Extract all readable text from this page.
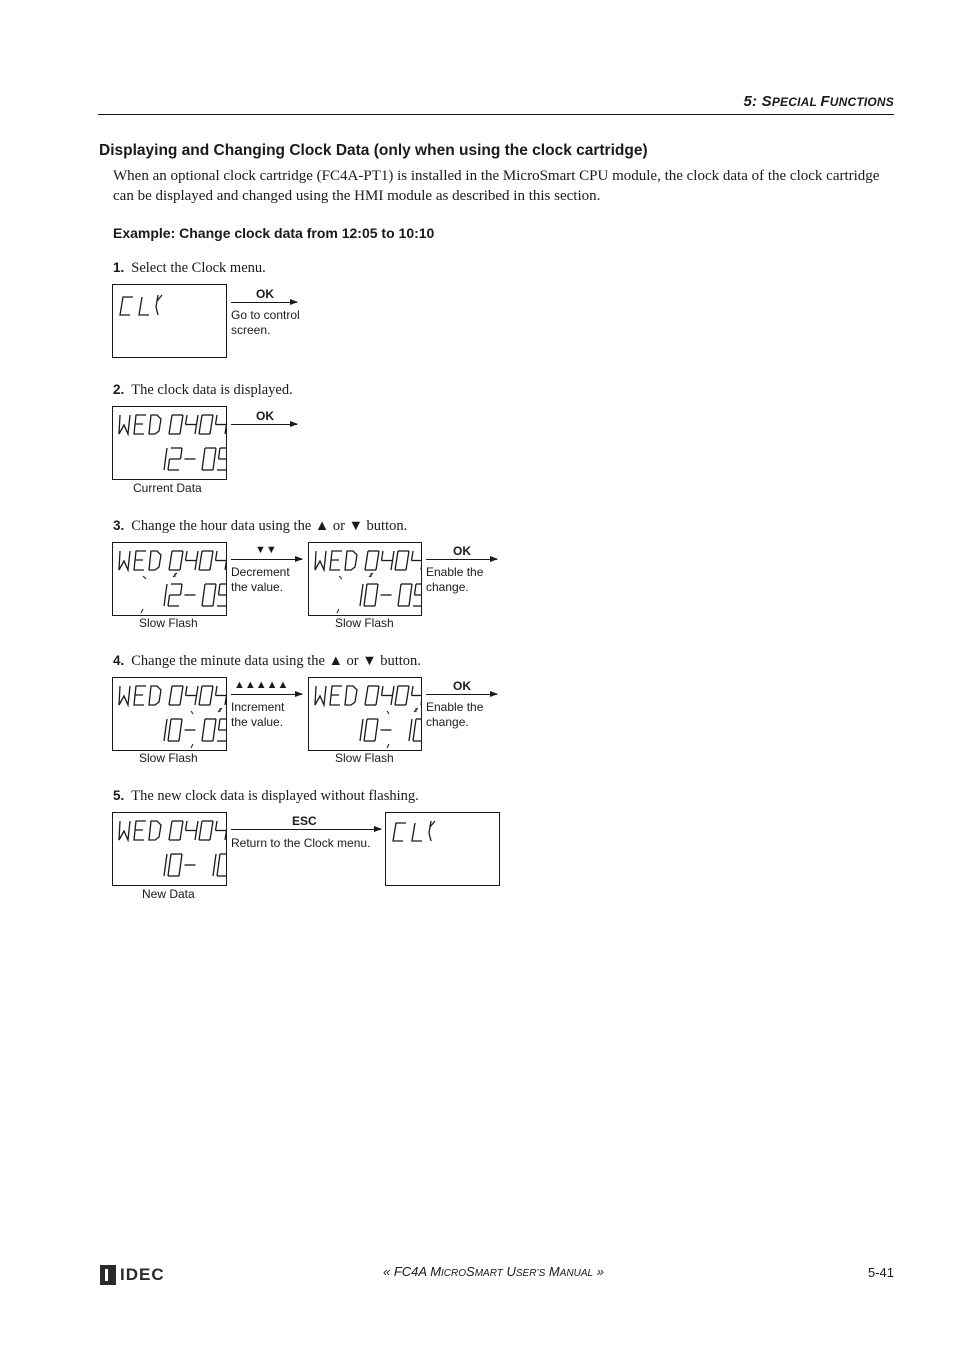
5: SPECIAL FUNCTIONS
Displaying and Changing Clock Data (only when using the clock cartridge)
When an optional clock cartridge (FC4A-PT1) is installed in the MicroSmart CPU module, the clock data of the clock cartridge can be displayed and changed using the HMI module as described in this section.
Example: Change clock data from 12:05 to 10:10
1. Select the Clock menu.
OK
Go to control
screen.
2. The clock data is displayed.
OK
Current Data
3. Change the hour data using the ▲ or ▼ button.
▼▼
Decrement
the value.
OK
Enable the
change.
Slow Flash	Slow Flash
4. Change the minute data using the ▲ or ▼ button.
▲▲▲▲▲
Increment
the value.
OK
Enable the
change.
Slow Flash	Slow Flash
5. The new clock data is displayed without flashing.
ESC
Return to the Clock menu.
New Data
IDEC	« FC4A MICROSMART USER’S MANUAL »	5-41
